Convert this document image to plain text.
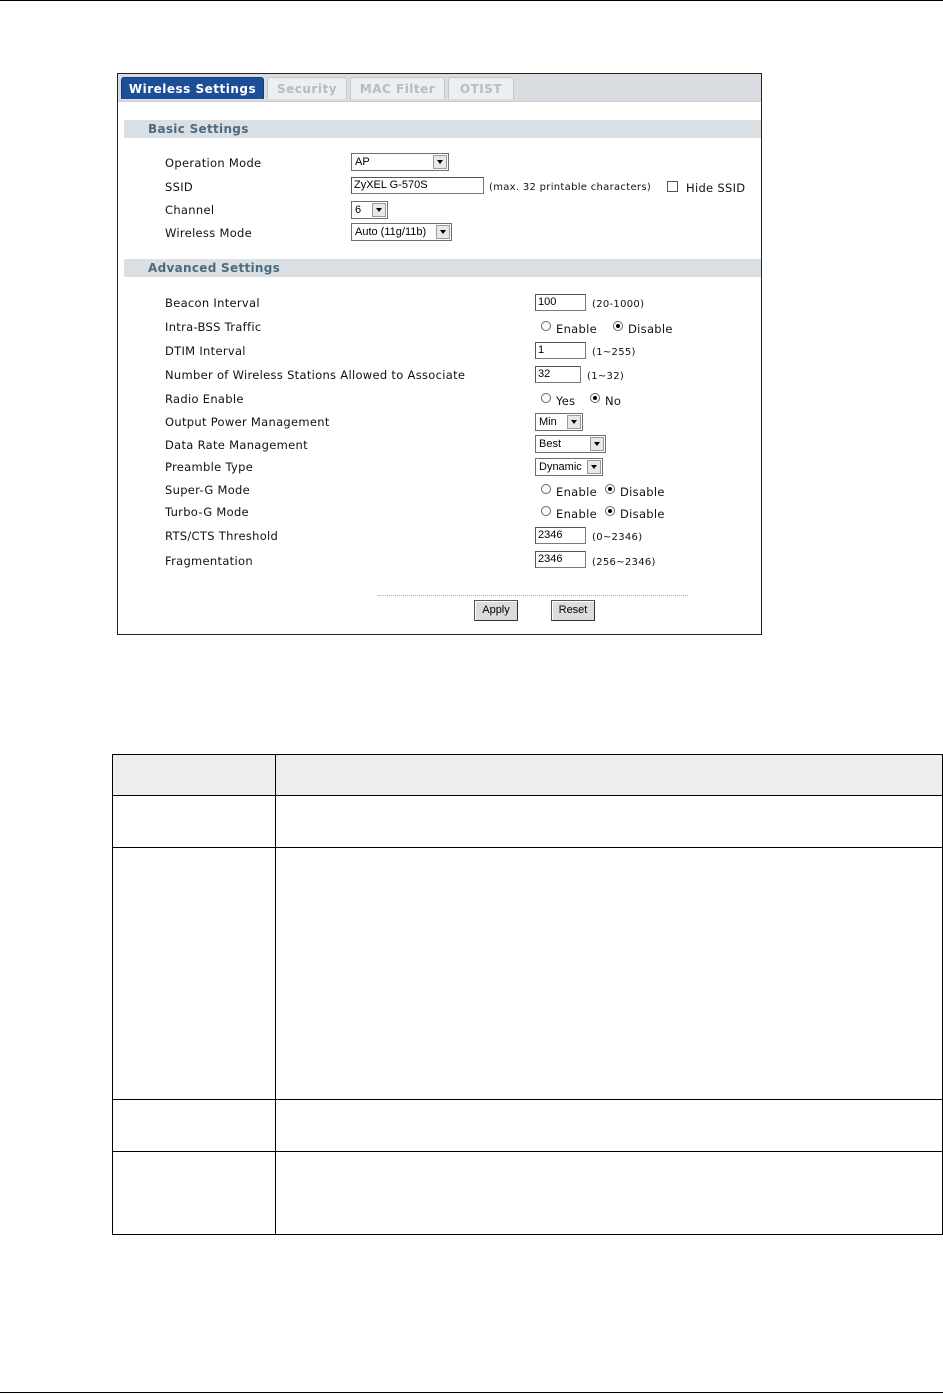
Wireless Settings	Security	MAC Filter	OTIST
Basic Settings
Operation Mode	AP
SSID	ZyXEL G-570S	(max. 32 printable characters)	Hide SSID
Channel	6
Wireless Mode	Auto (11g/11b)
Advanced Settings
Beacon Interval	100	(20-1000)
Intra-BSS Traffic	Enable	Disable
DTIM Interval	1	(1~255)
Number of Wireless Stations Allowed to Associate	32	(1~32)
Radio Enable	Yes	No
Output Power Management	Min
Data Rate Management	Best
Preamble Type	Dynamic
Super-G Mode	Enable Disable
Turbo-G Mode	Enable Disable
RTS/CTS Threshold	2346	(0~2346)
Fragmentation	2346	(256~2346)
Apply	Reset
